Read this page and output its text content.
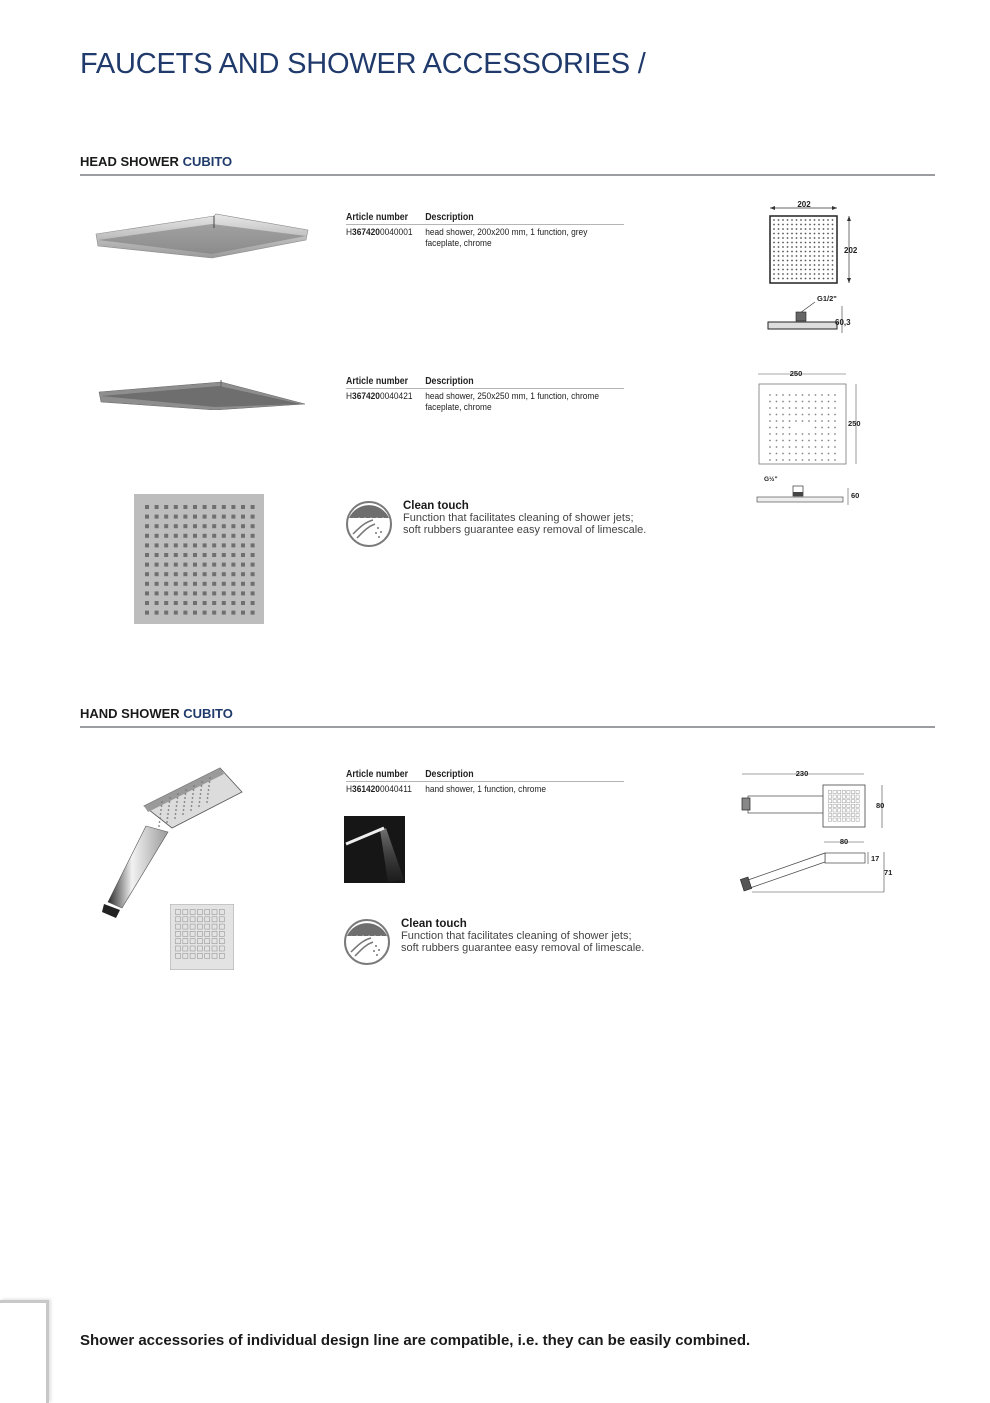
FAUCETS AND SHOWER ACCESSORIES /
HEAD SHOWER CUBITO
Article number	Description
H3674200040001	head shower, 200x200 mm, 1 function, grey faceplate, chrome
202
202
G1/2"
60,3
Article number	Description
H3674200040421	head shower, 250x250 mm, 1 function, chrome faceplate, chrome
250
250
G½"
60
Clean touch
Function that facilitates cleaning of shower jets;
soft rubbers guarantee easy removal of limescale.
HAND SHOWER CUBITO
Article number	Description
H3614200040411	hand shower, 1 function, chrome
230
80
80
17
71
Clean touch
Function that facilitates cleaning of shower jets;
soft rubbers guarantee easy removal of limescale.
Shower accessories of individual design line are compatible, i.e. they can be easily combined.
